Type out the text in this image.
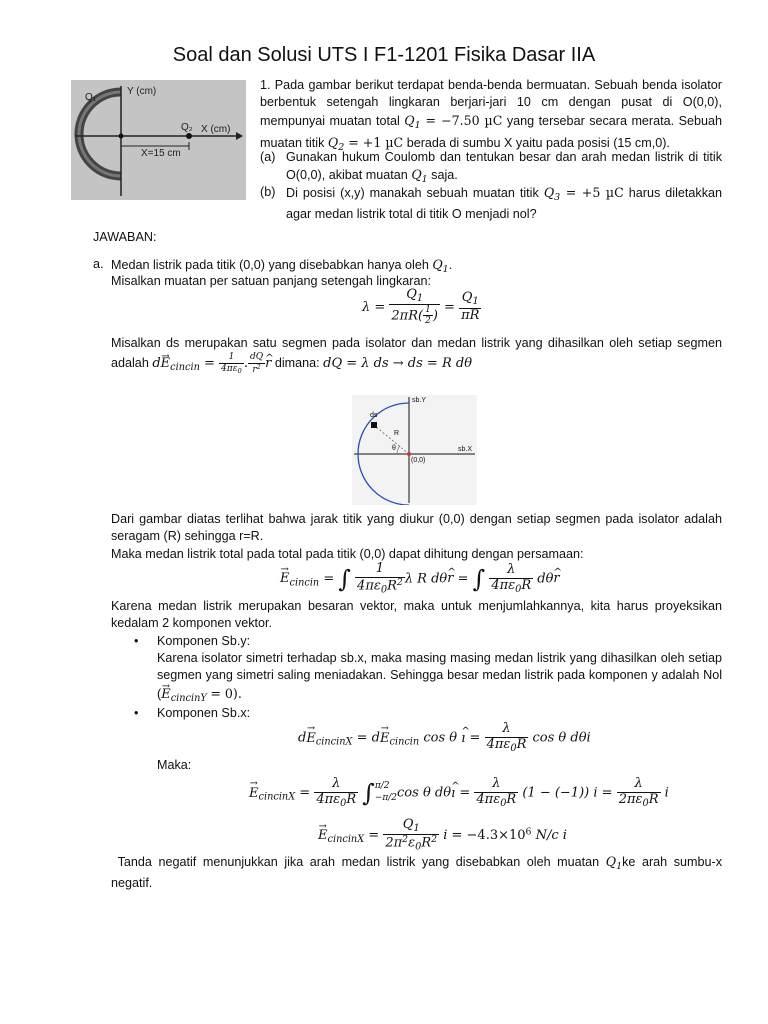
Soal dan Solusi UTS I F1-1201 Fisika Dasar IIA
Y (cm)
X (cm)
Q₁
Q₂
X=15 cm
1. Pada gambar berikut terdapat benda-benda bermuatan. Sebuah benda isolator berbentuk setengah lingkaran berjari-jari 10 cm dengan pusat di O(0,0), mempunyai muatan total $Q_1 = -7.50$ µC yang tersebar secara merata. Sebuah muatan titik $Q_2 = +1$ µC berada di sumbu X yaitu pada posisi (15 cm,0).
(a) Gunakan hukum Coulomb dan tentukan besar dan arah medan listrik di titik O(0,0), akibat muatan $Q_1$ saja.
(b) Di posisi (x,y) manakah sebuah muatan titik $Q_3 = +5$ µC harus diletakkan agar medan listrik total di titik O menjadi nol?
JAWABAN:
a. Medan listrik pada titik (0,0) yang disebabkan hanya oleh $Q_1$.
Misalkan muatan per satuan panjang setengah lingkaran:
$\lambda = \frac{Q_1}{2\pi R( \frac{1}{2} )} = \frac{Q_1}{\pi R}$
Misalkan ds merupakan satu segmen pada isolator dan medan listrik yang dihasilkan oleh setiap segmen adalah $d\to E_{cincin} = \frac{1}{4\pi\varepsilon_0}$ . $\frac{dQ}{r^2}$
^ r dimana: dQ = λ ds → ds = R dθ
sb.Y
sb.X
ds
R
θ
(0,0)
Dari gambar diatas terlihat bahwa jarak titik yang diukur (0,0) dengan setiap segmen pada isolator adalah seragam (R) sehingga r=R.
Maka medan listrik total pada total pada titik (0,0) dapat dihitung dengan persamaan:
→ $E_{cincin}$ = ∫ $\frac{1}{4\pi\varepsilon_0R^2}$ λ R dθ^ r = ∫ $\frac{\lambda}{4\pi\varepsilon_0R}$ dθ^ r
Karena medan listrik merupakan besaran vektor, maka untuk menjumlahkannya, kita harus proyeksikan kedalam 2 komponen vektor.
• Komponen Sb.y:
Karena isolator simetri terhadap sb.x, maka masing masing medan listrik yang dihasilkan oleh setiap segmen yang simetri saling meniadakan. Sehingga besar medan listrik pada komponen y adalah Nol (→ $E_{cincinY} = 0$).
• Komponen Sb.x:
$d\to E_{cincinX} = d\to E_{cincin}$ cos θ ^ ı = $\frac{\lambda}{4\pi\varepsilon_0R}$ cos θ dθi
Maka:
→ $E_{cincinX} = \frac{\lambda}{4\pi\varepsilon_0R}$ ∫ π/2
−π/2 cos θ dθ^ ı = $\frac{\lambda}{4\pi\varepsilon_0R} (1 - (-1)) i = \frac{\lambda}{2\pi\varepsilon_0R}$ i
→ $E_{cincinX} = \frac{Q_1}{2\pi^2\varepsilon_0R^2}$ $i = -4.3\times 10^6$ N/c i
Tanda negatif menunjukkan jika arah medan listrik yang disebabkan oleh muatan $Q_1ke$ arah sumbu-x negatif.
